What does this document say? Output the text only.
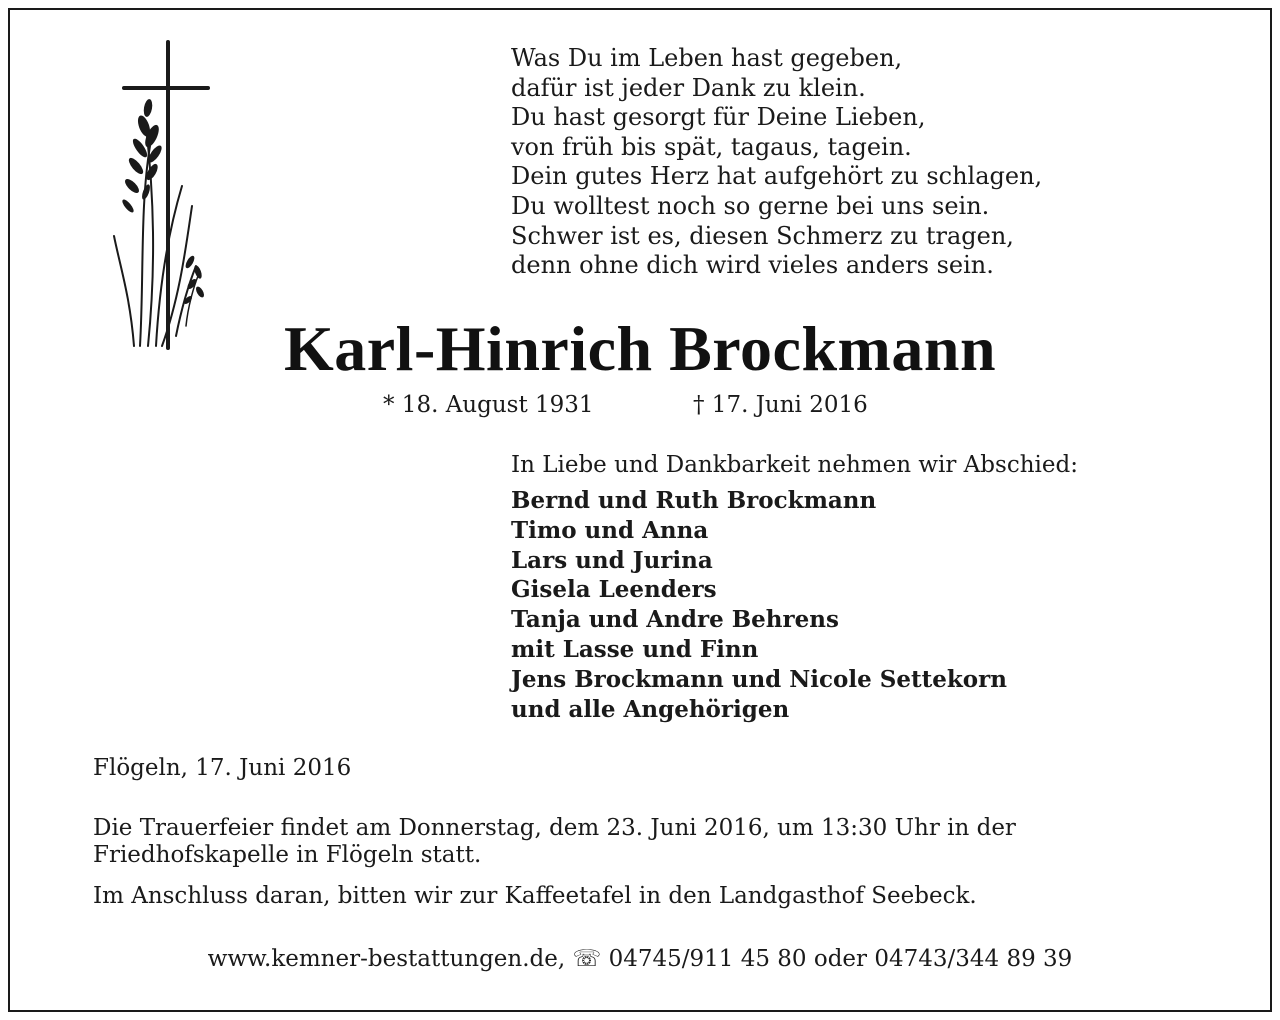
Was Du im Leben hast gegeben,
dafür ist jeder Dank zu klein.
Du hast gesorgt für Deine Lieben,
von früh bis spät, tagaus, tagein.
Dein gutes Herz hat aufgehört zu schlagen,
Du wolltest noch so gerne bei uns sein.
Schwer ist es, diesen Schmerz zu tragen,
denn ohne dich wird vieles anders sein.
Karl-Hinrich Brockmann
* 18. August 1931	† 17. Juni 2016
In Liebe und Dankbarkeit nehmen wir Abschied:
Bernd und Ruth Brockmann
Timo und Anna
Lars und Jurina
Gisela Leenders
Tanja und Andre Behrens
mit Lasse und Finn
Jens Brockmann und Nicole Settekorn
und alle Angehörigen
Flögeln, 17. Juni 2016
Die Trauerfeier findet am Donnerstag, dem 23. Juni 2016, um 13:30 Uhr in der Friedhofskapelle in Flögeln statt.
Im Anschluss daran, bitten wir zur Kaffeetafel in den Landgasthof Seebeck.
www.kemner-bestattungen.de, ☏ 04745/911 45 80 oder 04743/344 89 39
